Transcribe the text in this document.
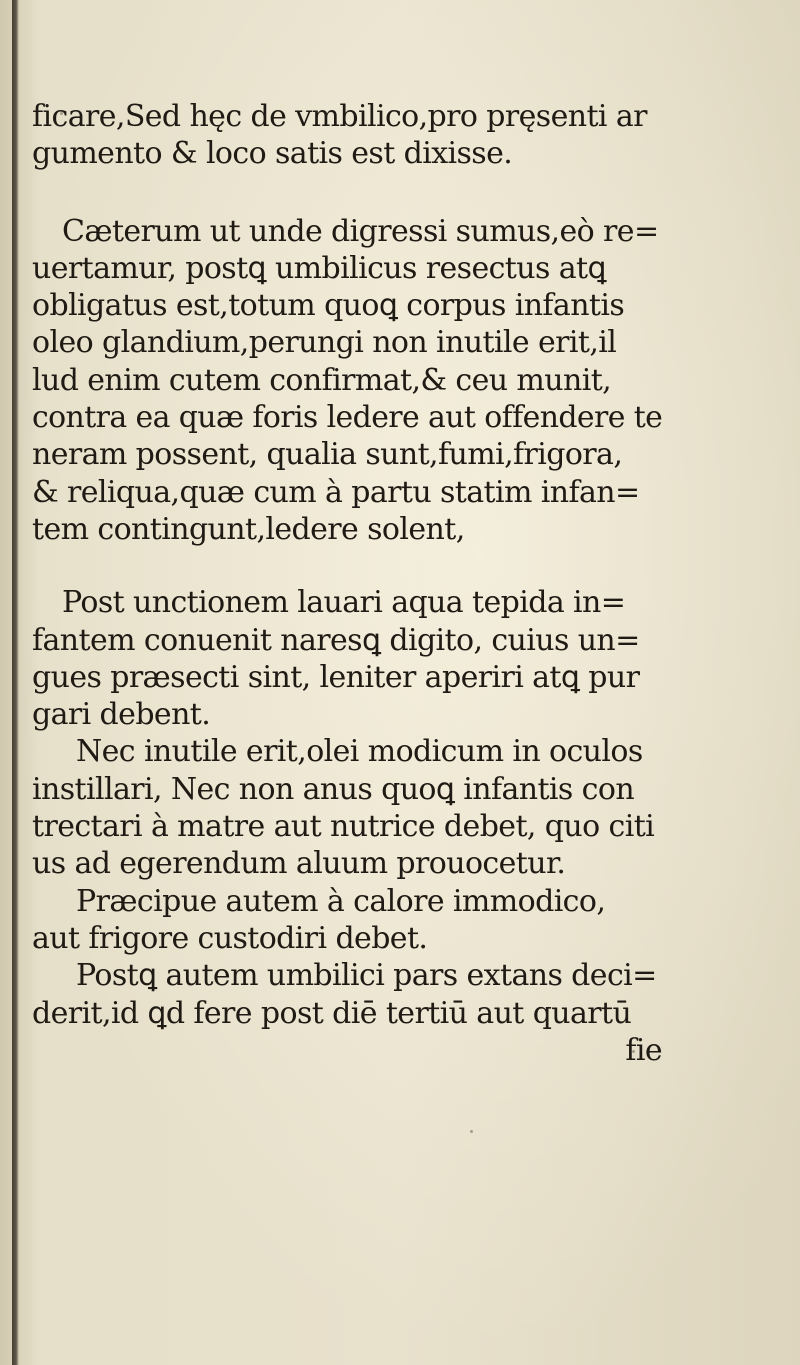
ficare,Sed hęc de vmbilico,pro pręsenti ar
gumento & loco satis est dixisse.
Cæterum ut unde digressi sumus,eò re=
uertamur, postꝗ umbilicus resectus atꝗ
obligatus est,totum quoꝗ corpus infantis
oleo glandium,perungi non inutile erit,il
lud enim cutem confirmat,& ceu munit,
contra ea quæ foris ledere aut offendere te
neram possent, qualia sunt,fumi,frigora,
& reliqua,quæ cum à partu statim infan=
tem contingunt,ledere solent,
Post unctionem lauari aqua tepida in=
fantem conuenit naresꝗ digito, cuius un=
gues præsecti sint, leniter aperiri atꝗ pur
gari debent.
Nec inutile erit,olei modicum in oculos
instillari, Nec non anus quoꝗ infantis con
trectari à matre aut nutrice debet, quo citi
us ad egerendum aluum prouocetur.
Præcipue autem à calore immodico,
aut frigore custodiri debet.
Postꝗ autem umbilici pars extans deci=
derit,id ꝗd fere post diē tertiū aut quartū
fie
